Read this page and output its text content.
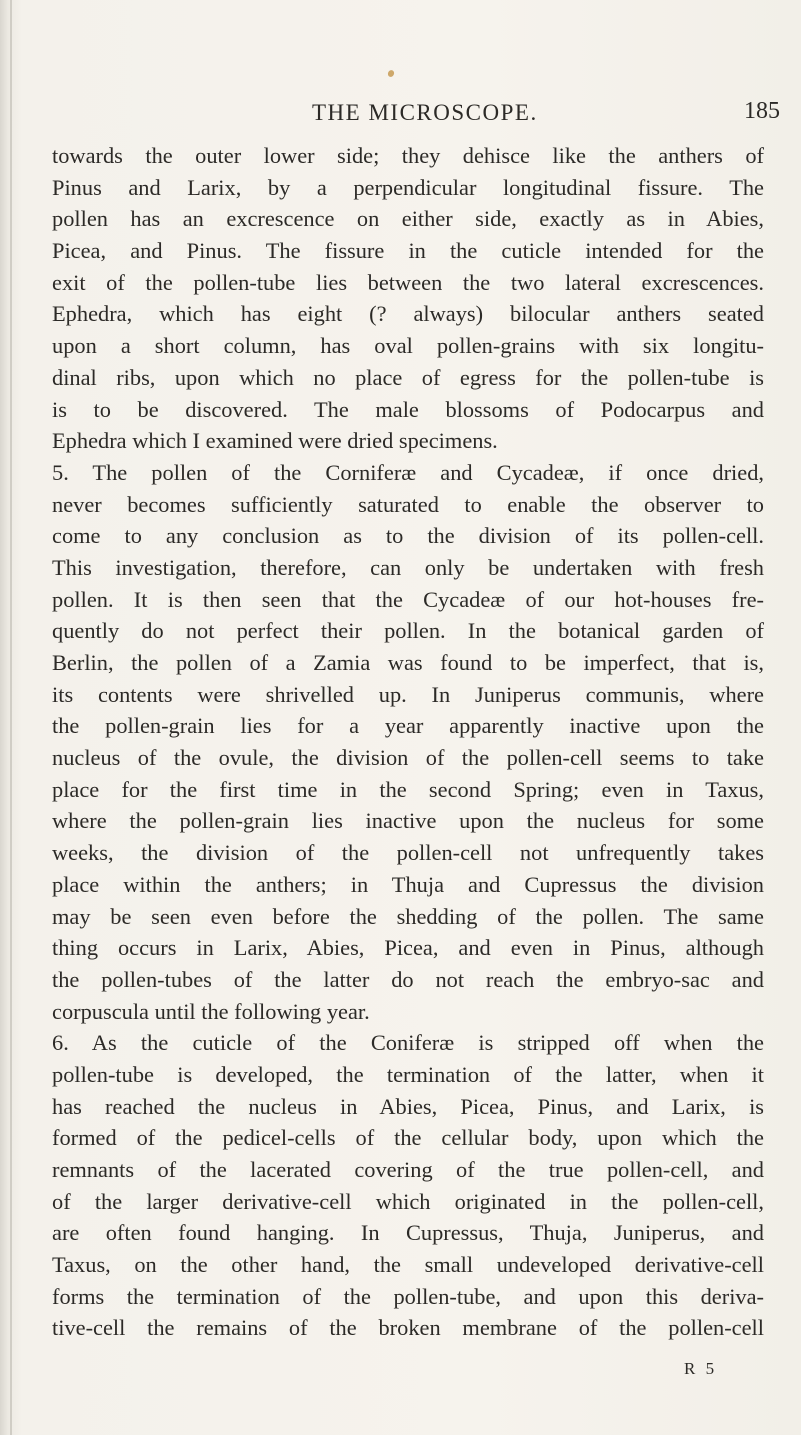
THE MICROSCOPE.	185
towards the outer lower side; they dehisce like the anthers of
Pinus and Larix, by a perpendicular longitudinal fissure. The
pollen has an excrescence on either side, exactly as in Abies,
Picea, and Pinus. The fissure in the cuticle intended for the
exit of the pollen-tube lies between the two lateral excrescences.
Ephedra, which has eight (? always) bilocular anthers seated
upon a short column, has oval pollen-grains with six longitu-
dinal ribs, upon which no place of egress for the pollen-tube is
is to be discovered. The male blossoms of Podocarpus and
Ephedra which I examined were dried specimens.
5. The pollen of the Corniferæ and Cycadeæ, if once dried,
never becomes sufficiently saturated to enable the observer to
come to any conclusion as to the division of its pollen-cell.
This investigation, therefore, can only be undertaken with fresh
pollen. It is then seen that the Cycadeæ of our hot-houses fre-
quently do not perfect their pollen. In the botanical garden of
Berlin, the pollen of a Zamia was found to be imperfect, that is,
its contents were shrivelled up. In Juniperus communis, where
the pollen-grain lies for a year apparently inactive upon the
nucleus of the ovule, the division of the pollen-cell seems to take
place for the first time in the second Spring; even in Taxus,
where the pollen-grain lies inactive upon the nucleus for some
weeks, the division of the pollen-cell not unfrequently takes
place within the anthers; in Thuja and Cupressus the division
may be seen even before the shedding of the pollen. The same
thing occurs in Larix, Abies, Picea, and even in Pinus, although
the pollen-tubes of the latter do not reach the embryo-sac and
corpuscula until the following year.
6. As the cuticle of the Coniferæ is stripped off when the
pollen-tube is developed, the termination of the latter, when it
has reached the nucleus in Abies, Picea, Pinus, and Larix, is
formed of the pedicel-cells of the cellular body, upon which the
remnants of the lacerated covering of the true pollen-cell, and
of the larger derivative-cell which originated in the pollen-cell,
are often found hanging. In Cupressus, Thuja, Juniperus, and
Taxus, on the other hand, the small undeveloped derivative-cell
forms the termination of the pollen-tube, and upon this deriva-
tive-cell the remains of the broken membrane of the pollen-cell
R 5
